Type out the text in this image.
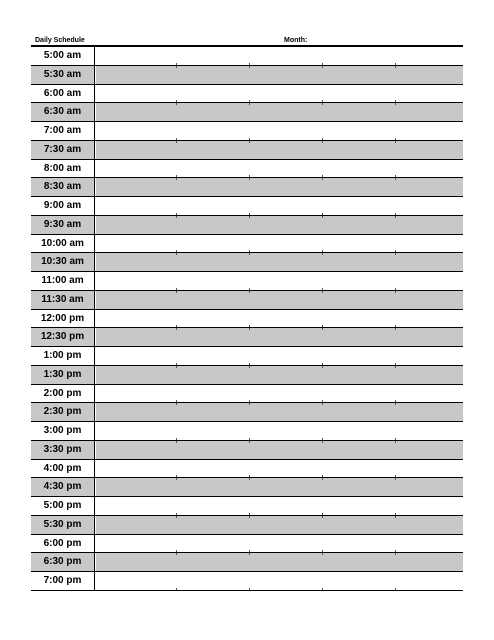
Daily Schedule	Month:
5:00 am
5:30 am
6:00 am
6:30 am
7:00 am
7:30 am
8:00 am
8:30 am
9:00 am
9:30 am
10:00 am
10:30 am
11:00 am
11:30 am
12:00 pm
12:30 pm
1:00 pm
1:30 pm
2:00 pm
2:30 pm
3:00 pm
3:30 pm
4:00 pm
4:30 pm
5:00 pm
5:30 pm
6:00 pm
6:30 pm
7:00 pm
